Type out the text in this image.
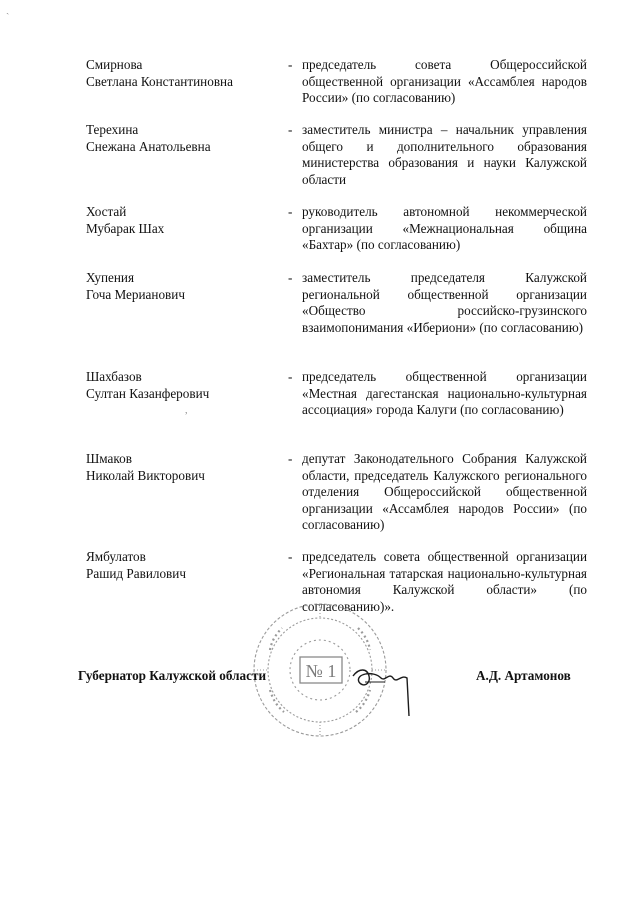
Смирнова
Светлана Константиновна
- председатель совета Общероссийской общественной организации «Ассамблея народов России» (по согласованию)
Терехина
Снежана Анатольевна
- заместитель министра – начальник управления общего и дополнительного образования министерства образования и науки Калужской области
Хостай
Мубарак Шах
- руководитель автономной некоммерческой организации «Межнациональная община «Бахтар» (по согласованию)
Хупения
Гоча Мерианович
- заместитель председателя Калужской региональной общественной организации «Общество российско-грузинского взаимопонимания «Ибериони» (по согласованию)
Шахбазов
Султан Казанферович
- председатель общественной организации «Местная дагестанская национально-культурная ассоциация» города Калуги (по согласованию)
Шмаков
Николай Викторович
- депутат Законодательного Собрания Калужской области, председатель Калужского регионального отделения Общероссийской общественной организации «Ассамблея народов России» (по согласованию)
Ямбулатов
Рашид Равилович
- председатель совета общественной организации «Региональная татарская национально-культурная автономия Калужской области» (по согласованию)».
№ 1
Губернатор Калужской области	А.Д. Артамонов
ˎ
,
